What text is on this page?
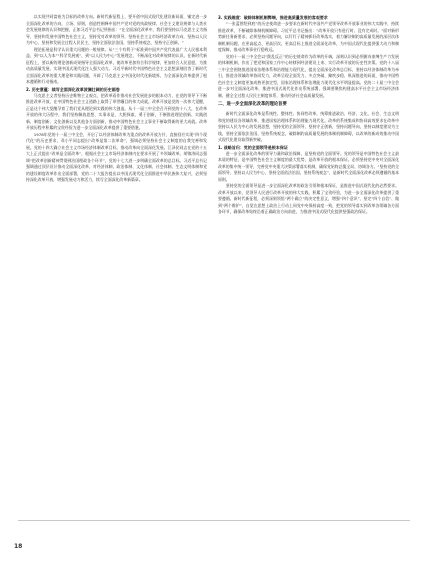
以实现共同富裕为目标的改革方向。新时代新征程上，要开创中国式现代化建设新局面，铺定进一步全面深化改革的方向，立场、原则，创造性阐释中国共产党对党的执政规律、社会主义建设规律与人类社会发展规律的认识和把握，正如习近平总书记所指出：“在全面深化改革中，我们要坚持以马克思主义为指导，坚持和发展中国特色社会主义，坚持党对改革的领导，坚持社会主义市场经济改革方向，坚持以人民为中心，坚持和发展全过程人民民主，坚持全面依法治国，坚持系统观念，坚持守正创新。”

理论拓展是科学认识重大问题的一般规律。从“三个有利于”标准到中国共产党代表最广大人民根本利益，到“以人为本”“科学发展观”，到“以人民为中心”发展理念，不断深化对改革规律的认识。在新时代新征程上，要以新的理论创新成果指导全面深化改革，使改革更加符合科学规律，更加符合人民意愿，为推动高质量发展、实现中国式现代化注入强大动力。习近平新时代中国特色社会主义思想深刻回答了新时代全面深化改革的重大理论和实践问题，开辟了马克思主义中国化时代化新境界，为全面深化改革提供了根本遵循和行动指南。

2. 历史意蕴：续写全面深化改革波澜壮阔的历史画卷

马克思主义者坚持历史唯物主义观点，把改革看作推动社会发展进步的根本动力，在党的领导下不断推进改革开放，在中国特色社会主义道路上取得了举世瞩目的伟大成就。改革开放是党的一次伟大觉醒，正是这个伟大觉醒孕育了我们党从理论到实践的伟大创造。从十一届三中全会召开到党的十八大，在改革开放的伟大历程中，我们坚持解放思想、实事求是，大胆探索、勇于创新，不断推进理论创新、实践创新、制度创新、文化创新以及其他各方面创新，推动中国特色社会主义事业不断取得新的更大成就。改革开放历程中积累的宝贵经验为进一步全面深化改革提供了重要借鉴。

1978年党的十一届三中全会，开启了以经济体制改革为重点的改革开放方针，直接回应实现“四个现代化”的历史要求，邓小平同志提出“改革是第二次革命”，强调必须坚持社会主义制度的自我完善和发展。党的十四大确立社会主义市场经济体制改革目标，推动改革向全面深化发展。江泽民同志在党的十五大上正式提出“改革是全面改革”，根据社会主义市场经济体制内在要求开展了多领域改革。胡锦涛同志强调“把改革创新精神贯彻到治国理政各个环节”，党的十七大进一步明确全面改革的总目标。习近平总书记强调通过顶层设计推动全面深化改革，对经济体制、政治体制、文化体制、社会体制、生态文明体制和党的建设制度改革作出全面部署，党的二十大报告提出以中国式现代化全面推进中华民族伟大复兴，必须坚持深化改革开放，增强发展动力和活力，续写全面深化改革新篇章。

3. 实践维度：破除体制机制弊端，推进高质量发展的客观要求

“一张蓝图绘到底”的历史使命进一步要求在新时代中国共产党领导改革开放事业的伟大实践中，持续推进改革，不断破除体制机制障碍。习近平总书记指出：“改革开放只有进行时、没有完成时。”面对新形势新任务新要求，必须坚持问题导向，以钉钉子精神抓好改革落实，着力解决制约高质量发展的深层次体制机制问题，在更高起点、更高层次、更高目标上推进全面深化改革，为中国式现代化提供强大动力和制度保障，推动改革事业行稳致远。

党的十一届三中全会以“拨乱反正”的历史使命作为改革的开端，深刻认识到必须摒弃束缚生产力发展的体制机制，作出了把党和国家工作中心转移到经济建设上来、实行改革开放的历史性决策。党的十八届三中全会围绕推进国家治理体系和治理能力现代化，提出全面深化改革总目标，坚持以经济体制改革为牵引，推进各领域改革协同发力，改革呈现全面发力、多点突破、蹄疾步稳、纵深推进的局面，推动中国特色社会主义制度更加成熟更加定型，国家治理体系和治理能力现代化水平明显提高。党的二十届三中全会进一步对全面深化改革、推进中国式现代化作出系统部署，强调要聚焦构建高水平社会主义市场经济体制、健全全过程人民民主制度体系，推动经济社会高质量发展。

二、进一步全面深化改革的理论旨要

新时代全面深化改革是系统性、整体性、协同性改革，统筹推进政治、经济、文化、社会、生态文明和党的建设各领域改革，推进国家治理体系和治理能力现代化。改革的系统集成和协同高效要求在改革中坚持以人民为中心的发展思想，坚持党的全面领导，坚持守正创新，坚持问题导向，坚持以制度建设为主线，坚持全面依法治国，坚持系统观念，破除制约高质量发展的体制机制障碍，以改革的新成效推动中国式现代化建设取得新突破。

1. 战略旨归：党的全面领导是根本保证

进一步全面深化改革的领导力量和政治保障，是坚持党的全面领导。党的领导是中国特色社会主义最本质的特征，是中国特色社会主义制度的最大优势，是改革开放的根本保证。必须坚持党中央对全面深化改革的集中统一领导，完善党中央重大决策部署落实机制，确保党始终总揽全局、协调各方。“坚持党的全面领导，坚持以人民为中心，坚持全面依法治国，坚持系统观念”，是新时代全面深化改革必须遵循的基本原则。

坚持党的全面领导是进一步全面深化改革的政治引领和根本保证，是推进中国式现代化的必然要求。改革开放以来，党领导人民进行改革开放的伟大实践，积累了宝贵经验，为进一步全面深化改革提供了重要遵循。新时代新征程，必须深刻领悟“两个确立”的决定性意义，增强“四个意识”、坚定“四个自信”、做到“两个维护”，自觉在思想上政治上行动上同党中央保持高度一致，把党的领导落实到改革各领域各方面各环节，确保改革始终沿着正确政治方向前进，为推进中国式现代化提供坚强政治保证。

18
